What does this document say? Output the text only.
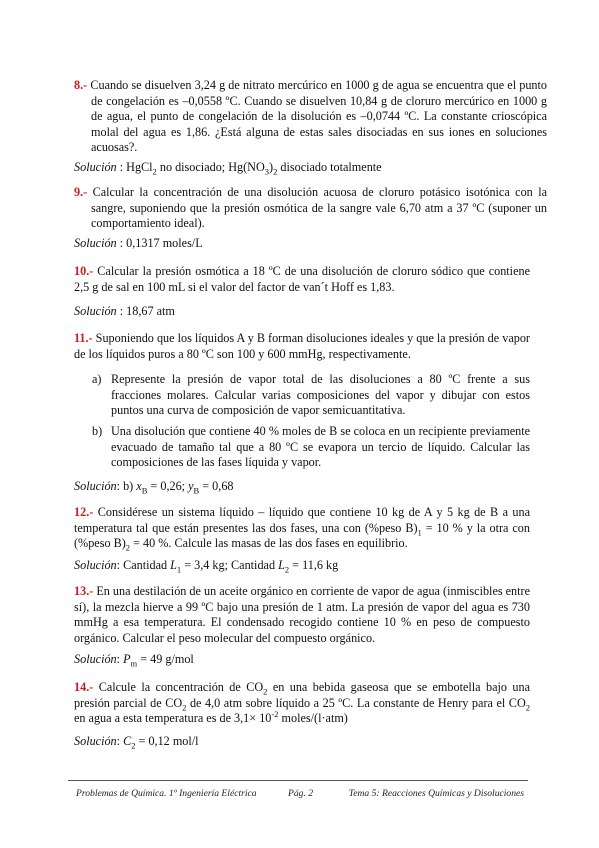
8.- Cuando se disuelven 3,24 g de nitrato mercúrico en 1000 g de agua se encuentra que el punto de congelación es –0,0558 ºC. Cuando se disuelven 10,84 g de cloruro mercúrico en 1000 g de agua, el punto de congelación de la disolución es –0,0744 ºC. La constante crioscópica molal del agua es 1,86. ¿Está alguna de estas sales disociadas en sus iones en soluciones acuosas?.
Solución : HgCl$_2$ no disociado; $Hg(NO_3)_2$ disociado totalmente
9.- Calcular la concentración de una disolución acuosa de cloruro potásico isotónica con la sangre, suponiendo que la presión osmótica de la sangre vale 6,70 atm a 37 ºC (suponer un comportamiento ideal).
Solución : 0,1317 moles/L
10.- Calcular la presión osmótica a 18 ºC de una disolución de cloruro sódico que contiene 2,5 g de sal en 100 mL si el valor del factor de van´t Hoff es 1,83.
Solución : 18,67 atm
11.- Suponiendo que los líquidos A y B forman disoluciones ideales y que la presión de vapor de los líquidos puros a 80 ºC son 100 y 600 mmHg, respectivamente.
a) Represente la presión de vapor total de las disoluciones a 80 ºC frente a sus fracciones molares. Calcular varias composiciones del vapor y dibujar con estos puntos una curva de composición de vapor semicuantitativa.
b) Una disolución que contiene 40 % moles de B se coloca en un recipiente previamente evacuado de tamaño tal que a 80 ºC se evapora un tercio de líquido. Calcular las composiciones de las fases líquida y vapor.
Solución: b) $x_B = 0,26$; $y_B = 0,68$
12.- Considérese un sistema líquido – líquido que contiene 10 kg de A y 5 kg de B a una temperatura tal que están presentes las dos fases, una con (%peso $B)_1 = 10$ % y la otra con (%peso $B)_2 = 40$ %. Calcule las masas de las dos fases en equilibrio.
Solución: Cantidad $L_1 = 3,4$ kg; Cantidad $L_2 = 11,6$ kg
13.- En una destilación de un aceite orgánico en corriente de vapor de agua (inmiscibles entre sí), la mezcla hierve a 99 ºC bajo una presión de 1 atm. La presión de vapor del agua es 730 mmHg a esa temperatura. El condensado recogido contiene 10 % en peso de compuesto orgánico. Calcular el peso molecular del compuesto orgánico.
Solución: $P_m = 49$ g/mol
14.- Calcule la concentración de $CO_2$ en una bebida gaseosa que se embotella bajo una presión parcial de $CO_2$ de 4,0 atm sobre líquido a 25 ºC. La constante de Henry para el $CO_2$ en agua a esta temperatura es de $3,1\times 10^{-2}$ moles/(l·atm)
Solución: $C_2 = 0,12$ mol/l
Problemas de Química. 1º Ingeniería Eléctrica	Pág. 2	Tema 5: Reacciones Químicas y Disoluciones
